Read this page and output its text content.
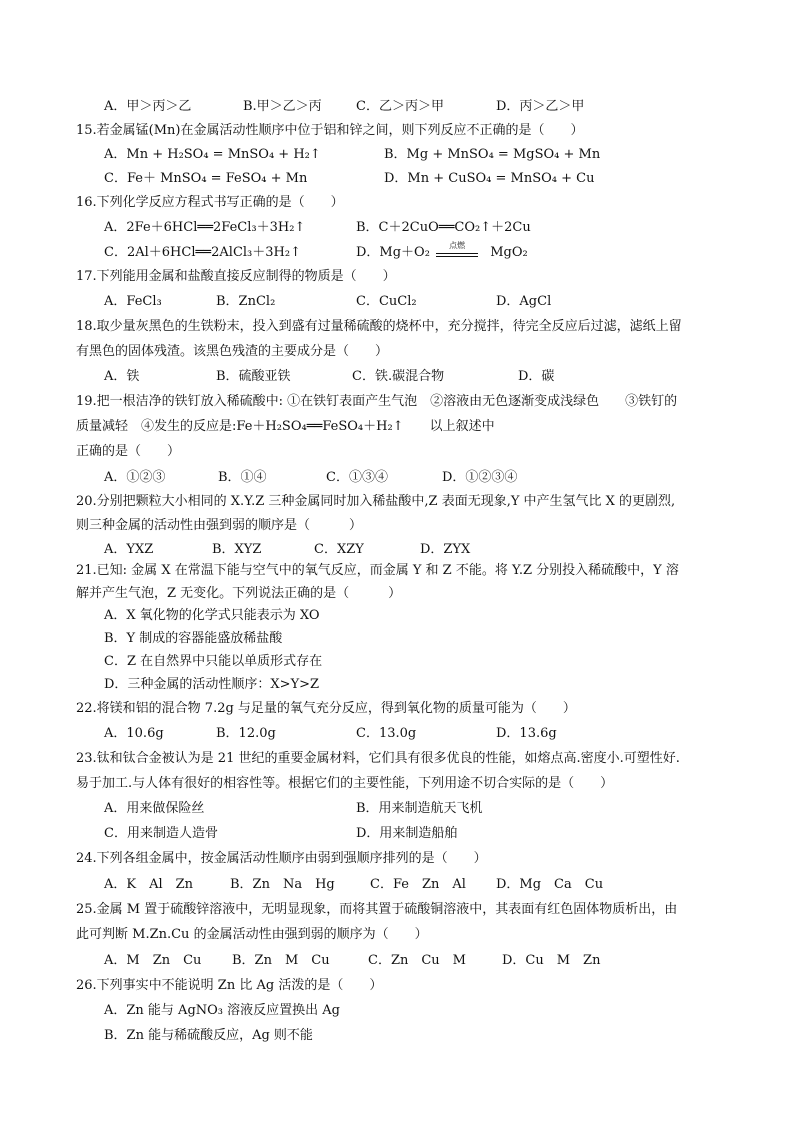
A．甲＞丙＞乙	B.甲＞乙＞丙	C．乙＞丙＞甲	D．丙＞乙＞甲
15.若金属锰(Mn)在金属活动性顺序中位于铝和锌之间，则下列反应不正确的是（　　）
A．Mn + H₂SO₄ = MnSO₄ + H₂↑	B．Mg + MnSO₄ = MgSO₄ + Mn
C．Fe＋ MnSO₄ = FeSO₄ + Mn	D．Mn + CuSO₄ = MnSO₄ + Cu
16.下列化学反应方程式书写正确的是（　　）
A．2Fe＋6HCl══2FeCl₃＋3H₂↑	B．C＋2CuO══CO₂↑＋2Cu
C．2Al＋6HCl══2AlCl₃＋3H₂↑	D．Mg＋O₂	点燃	MgO₂
17.下列能用金属和盐酸直接反应制得的物质是（　　）
A．FeCl₃	B．ZnCl₂	C．CuCl₂	D．AgCl
18.取少量灰黑色的生铁粉末，投入到盛有过量稀硫酸的烧杯中，充分搅拌，待完全反应后过滤，滤纸上留
有黑色的固体残渣。该黑色残渣的主要成分是（　　）
A．铁	B．硫酸亚铁	C．铁.碳混合物	D．碳
19.把一根洁净的铁钉放入稀硫酸中: ①在铁钉表面产生气泡　②溶液由无色逐渐变成浅绿色　　③铁钉的
质量减轻　④发生的反应是:Fe＋H₂SO₄══FeSO₄＋H₂↑　　以上叙述中
正确的是（　　）
A．①②③	B．①④	C．①③④	D．①②③④
20.分别把颗粒大小相同的 X.Y.Z 三种金属同时加入稀盐酸中,Z 表面无现象,Y 中产生氢气比 X 的更剧烈,
则三种金属的活动性由强到弱的顺序是（　　　）
A．YXZ	B．XYZ	C．XZY	D．ZYX
21.已知: 金属 X 在常温下能与空气中的氧气反应，而金属 Y 和 Z 不能。将 Y.Z 分别投入稀硫酸中，Y 溶
解并产生气泡，Z 无变化。下列说法正确的是（　　　）
A．X 氧化物的化学式只能表示为 XO
B．Y 制成的容器能盛放稀盐酸
C．Z 在自然界中只能以单质形式存在
D．三种金属的活动性顺序：X>Y>Z
22.将镁和铝的混合物 7.2g 与足量的氧气充分反应，得到氧化物的质量可能为（　　）
A．10.6g	B．12.0g	C．13.0g	D．13.6g
23.钛和钛合金被认为是 21 世纪的重要金属材料，它们具有很多优良的性能，如熔点高.密度小.可塑性好.
易于加工.与人体有很好的相容性等。根据它们的主要性能，下列用途不切合实际的是（　　）
A．用来做保险丝	B．用来制造航天飞机
C．用来制造人造骨	D．用来制造船舶
24.下列各组金属中，按金属活动性顺序由弱到强顺序排列的是（　　）
A．K　Al　Zn	B．Zn　Na　Hg	C．Fe　Zn　Al D．Mg　Ca　Cu
25.金属 M 置于硫酸锌溶液中，无明显现象，而将其置于硫酸铜溶液中，其表面有红色固体物质析出，由
此可判断 M.Zn.Cu 的金属活动性由强到弱的顺序为（　　）
A．M　Zn　Cu B．Zn　M　Cu	C．Zn　Cu　M	D．Cu　M　Zn
26.下列事实中不能说明 Zn 比 Ag 活泼的是（　　）
A．Zn 能与 AgNO₃ 溶液反应置换出 Ag
B．Zn 能与稀硫酸反应，Ag 则不能
